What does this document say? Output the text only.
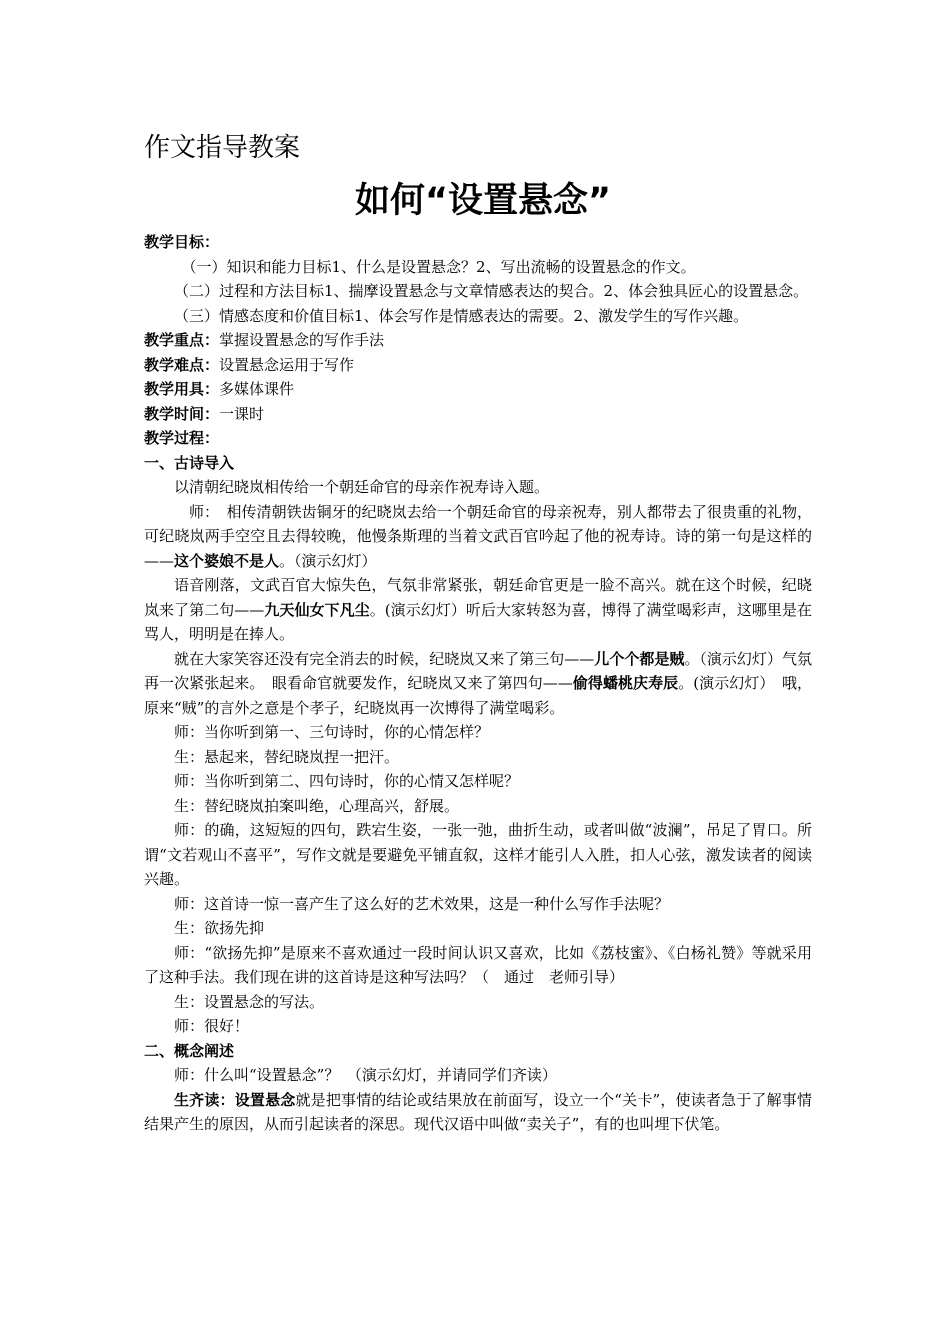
作文指导教案
如何“设置悬念”

教学目标：

（一）知识和能力目标1、什么是设置悬念？2、写出流畅的设置悬念的作文。

（二）过程和方法目标1、揣摩设置悬念与文章情感表达的契合。2、体会独具匠心的设置悬念。

（三）情感态度和价值目标1、体会写作是情感表达的需要。2、激发学生的写作兴趣。

教学重点：掌握设置悬念的写作手法

教学难点：设置悬念运用于写作

教学用具：多媒体课件

教学时间：一课时

教学过程：

一、古诗导入

以清朝纪晓岚相传给一个朝廷命官的母亲作祝寿诗入题。

师：　相传清朝铁齿铜牙的纪晓岚去给一个朝廷命官的母亲祝寿，别人都带去了很贵重的礼物，可纪晓岚两手空空且去得较晚，他慢条斯理的当着文武百官吟起了他的祝寿诗。诗的第一句是这样的——这个婆娘不是人。（演示幻灯）

语音刚落，文武百官大惊失色，气氛非常紧张，朝廷命官更是一脸不高兴。就在这个时候，纪晓岚来了第二句——九天仙女下凡尘。(演示幻灯）听后大家转怒为喜，博得了满堂喝彩声，这哪里是在骂人，明明是在捧人。

就在大家笑容还没有完全消去的时候，纪晓岚又来了第三句——儿个个都是贼。（演示幻灯）气氛再一次紧张起来。　眼看命官就要发作，纪晓岚又来了第四句——偷得蟠桃庆寿辰。(演示幻灯）　哦，原来“贼”的言外之意是个孝子，纪晓岚再一次博得了满堂喝彩。

师：当你听到第一、三句诗时，你的心情怎样？

生：悬起来，替纪晓岚捏一把汗。

师：当你听到第二、四句诗时，你的心情又怎样呢？

生：替纪晓岚拍案叫绝，心理高兴，舒展。

师：的确，这短短的四句，跌宕生姿，一张一弛，曲折生动，或者叫做“波澜”，吊足了胃口。所谓“文若观山不喜平”，写作文就是要避免平铺直叙，这样才能引人入胜，扣人心弦，激发读者的阅读兴趣。

师：这首诗一惊一喜产生了这么好的艺术效果，这是一种什么写作手法呢？

生：欲扬先抑

师：“欲扬先抑”是原来不喜欢通过一段时间认识又喜欢，比如《荔枝蜜》、《白杨礼赞》等就采用了这种手法。我们现在讲的这首诗是这种写法吗？（　通过　老师引导）

生：设置悬念的写法。

师：很好！

二、概念阐述

师：什么叫“设置悬念”？　（演示幻灯，并请同学们齐读）

生齐读：设置悬念就是把事情的结论或结果放在前面写，设立一个“关卡”，使读者急于了解事情结果产生的原因，从而引起读者的深思。现代汉语中叫做“卖关子”，有的也叫埋下伏笔。
